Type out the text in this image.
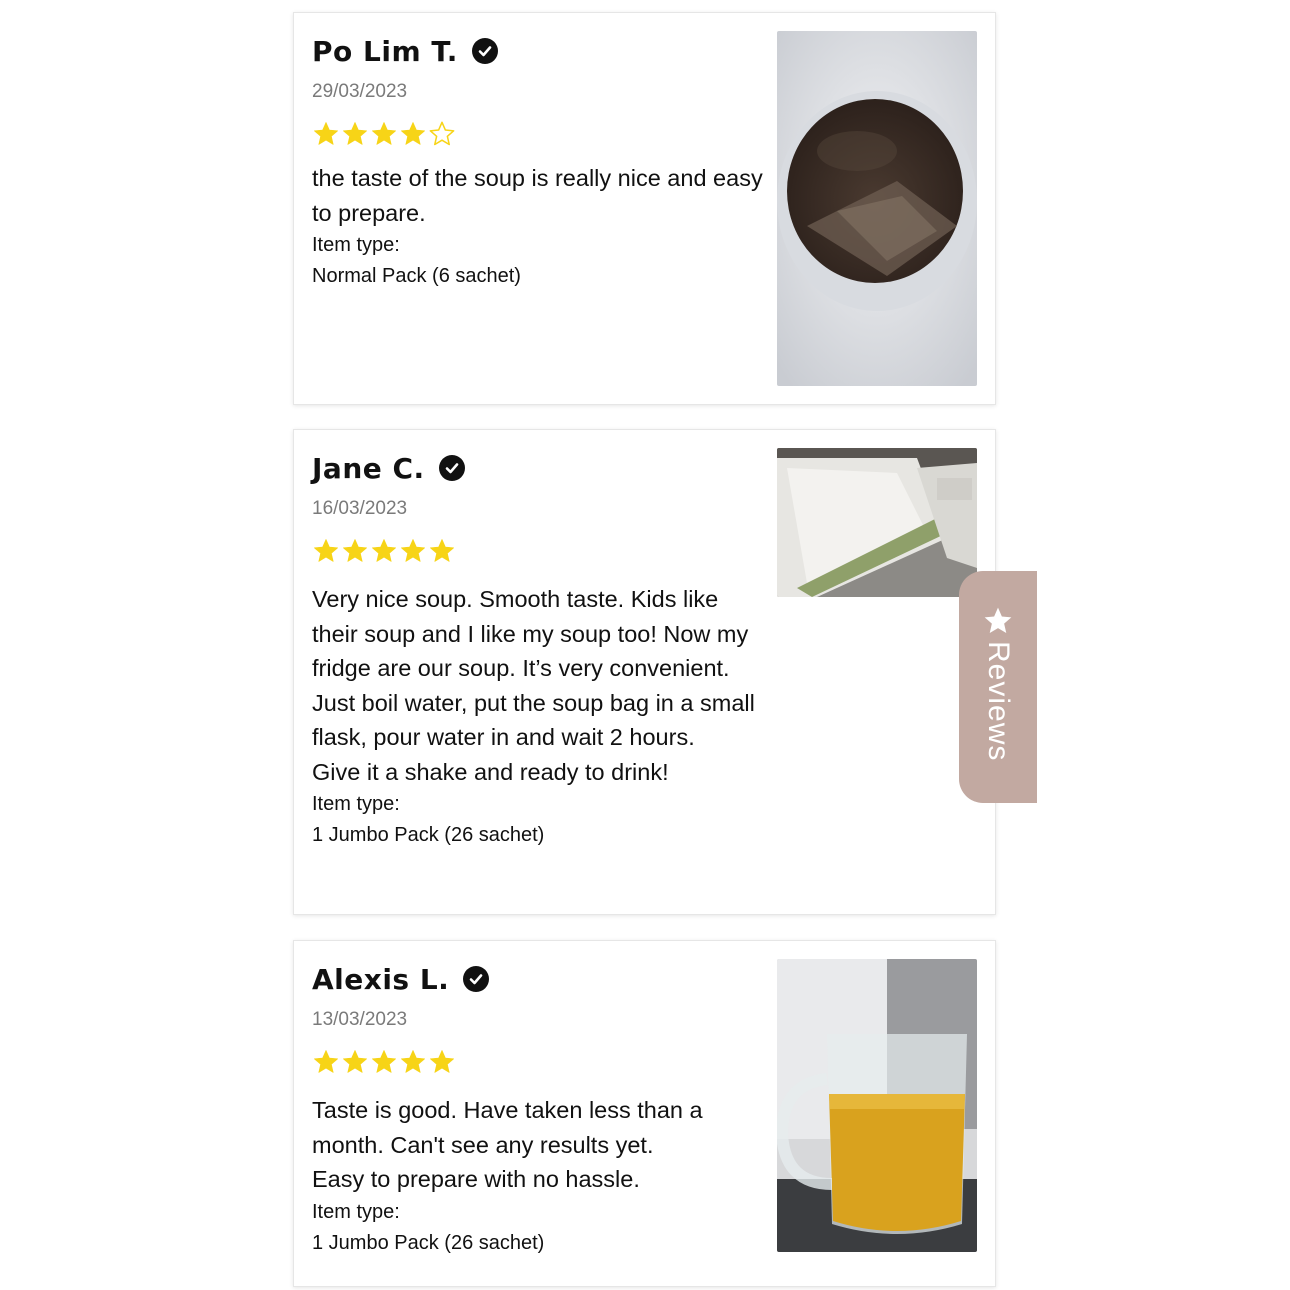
Po Lim T.
29/03/2023
the taste of the soup is really nice and easy to prepare.
Item type:
Normal Pack (6 sachet)
Jane C.
16/03/2023
Very nice soup. Smooth taste. Kids like their soup and I like my soup too! Now my fridge are our soup. It’s very convenient. Just boil water, put the soup bag in a small flask, pour water in and wait 2 hours.
Give it a shake and ready to drink!
Item type:
1 Jumbo Pack (26 sachet)
Alexis L.
13/03/2023
Taste is good. Have taken less than a month. Can't see any results yet.
Easy to prepare with no hassle.
Item type:
1 Jumbo Pack (26 sachet)
Reviews
